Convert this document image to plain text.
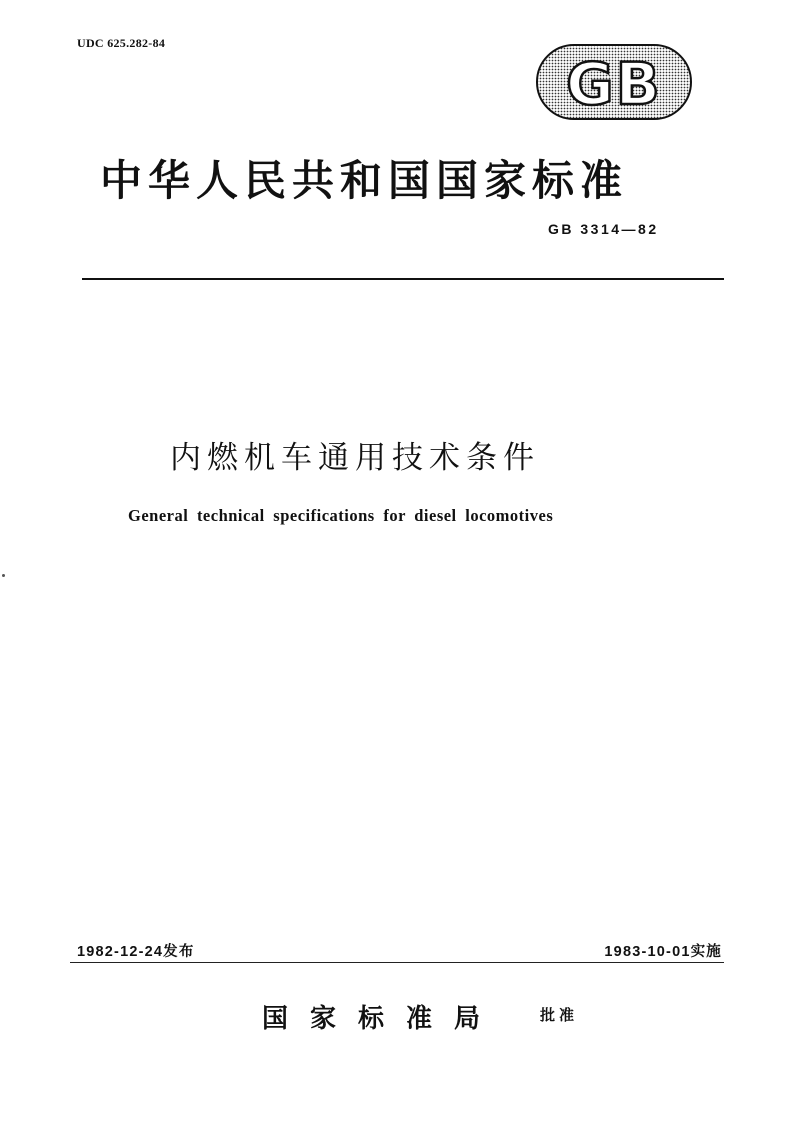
UDC 625.282-84
GB
中华人民共和国国家标准
GB 3314—82
内燃机车通用技术条件
General technical specifications for diesel locomotives
1982-12-24发布	1983-10-01实施
国家标准局	批准
